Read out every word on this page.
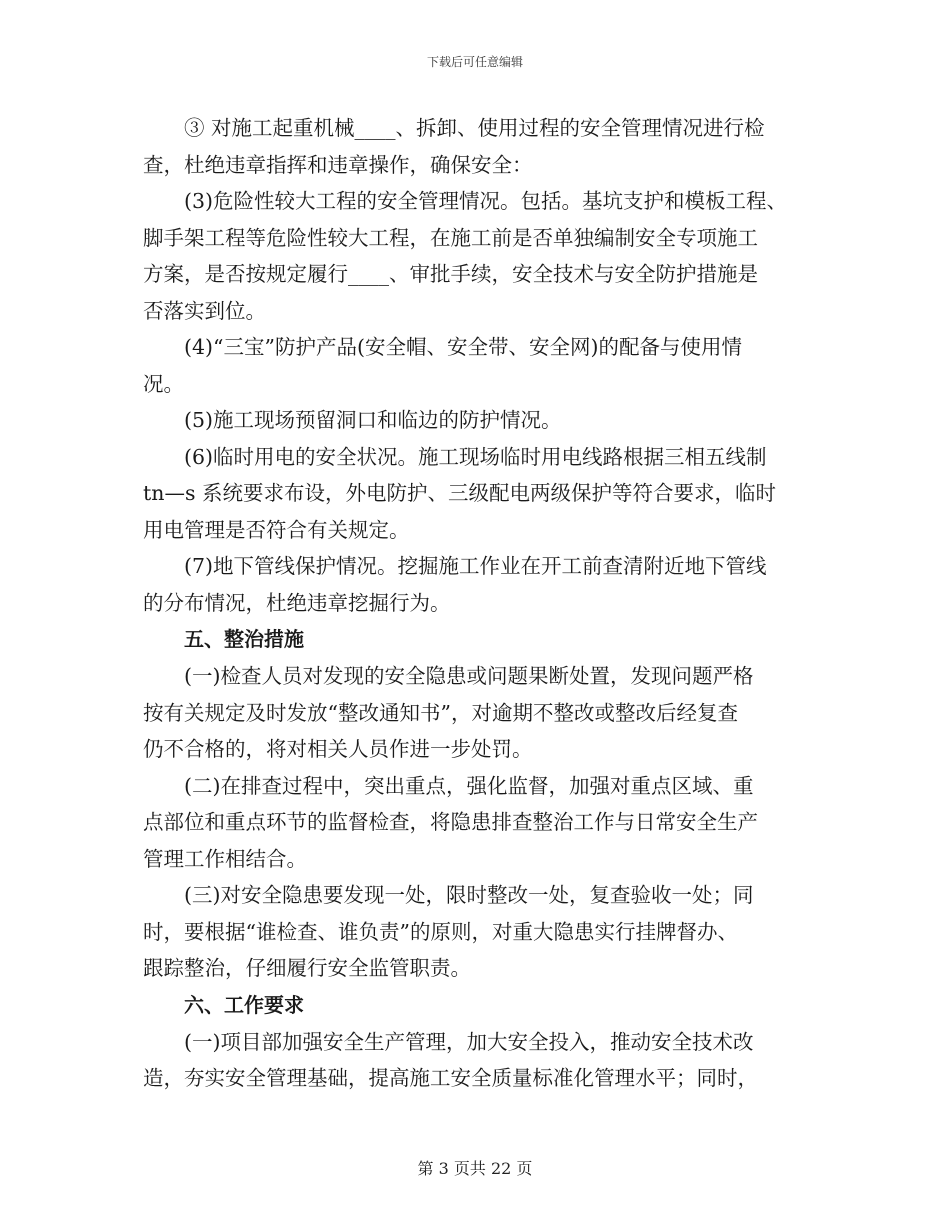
下载后可任意编辑
③ 对施工起重机械____、拆卸、使用过程的安全管理情况进行检
查，杜绝违章指挥和违章操作，确保安全：
(3)危险性较大工程的安全管理情况。包括。基坑支护和模板工程、
脚手架工程等危险性较大工程，在施工前是否单独编制安全专项施工
方案，是否按规定履行____、审批手续，安全技术与安全防护措施是
否落实到位。
(4)“三宝”防护产品(安全帽、安全带、安全网)的配备与使用情
况。
(5)施工现场预留洞口和临边的防护情况。
(6)临时用电的安全状况。施工现场临时用电线路根据三相五线制
tn—s 系统要求布设，外电防护、三级配电两级保护等符合要求，临时
用电管理是否符合有关规定。
(7)地下管线保护情况。挖掘施工作业在开工前查清附近地下管线
的分布情况，杜绝违章挖掘行为。
五、整治措施
(一)检查人员对发现的安全隐患或问题果断处置，发现问题严格
按有关规定及时发放“整改通知书”，对逾期不整改或整改后经复查
仍不合格的，将对相关人员作进一步处罚。
(二)在排查过程中，突出重点，强化监督，加强对重点区域、重
点部位和重点环节的监督检查，将隐患排查整治工作与日常安全生产
管理工作相结合。
(三)对安全隐患要发现一处，限时整改一处，复查验收一处；同
时，要根据“谁检查、谁负责”的原则，对重大隐患实行挂牌督办、
跟踪整治，仔细履行安全监管职责。
六、工作要求
(一)项目部加强安全生产管理，加大安全投入，推动安全技术改
造，夯实安全管理基础，提高施工安全质量标准化管理水平；同时，
第 3 页共 22 页
